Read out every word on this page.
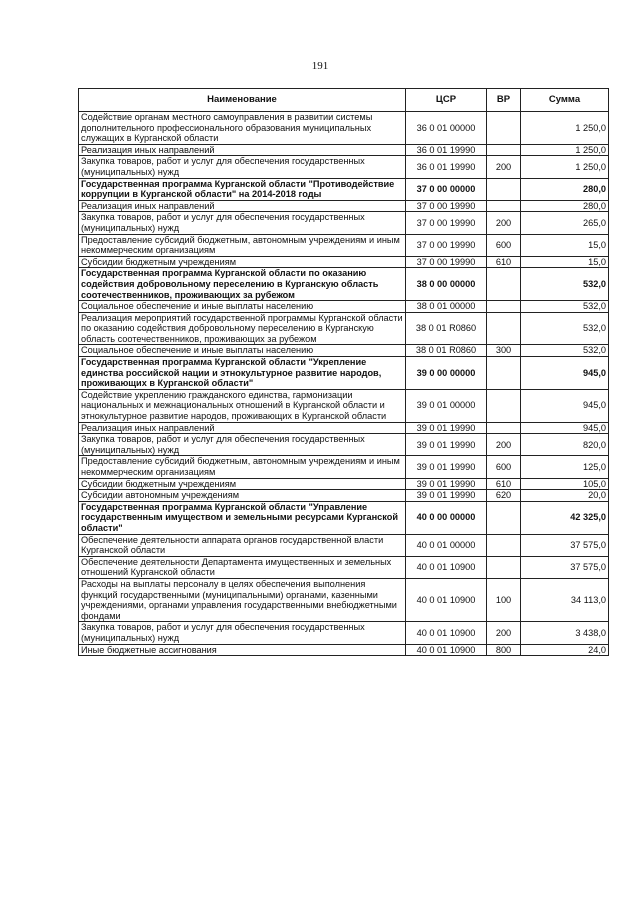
191
Наименование	ЦСР	ВР	Сумма
Содействие органам местного самоуправления в развитии системы дополнительного профессионального образования муниципальных служащих в Курганской области	36 0 01 00000		1 250,0
Реализация иных направлений	36 0 01 19990		1 250,0
Закупка товаров, работ и услуг для обеспечения государственных (муниципальных) нужд	36 0 01 19990	200	1 250,0
Государственная программа Курганской области "Противодействие коррупции в Курганской области" на 2014-2018 годы	37 0 00 00000		280,0
Реализация иных направлений	37 0 00 19990		280,0
Закупка товаров, работ и услуг для обеспечения государственных (муниципальных) нужд	37 0 00 19990	200	265,0
Предоставление субсидий бюджетным, автономным учреждениям и иным некоммерческим организациям	37 0 00 19990	600	15,0
Субсидии бюджетным учреждениям	37 0 00 19990	610	15,0
Государственная программа Курганской области по оказанию содействия добровольному переселению в Курганскую область соотечественников, проживающих за рубежом	38 0 00 00000		532,0
Социальное обеспечение и иные выплаты населению	38 0 01 00000		532,0
Реализация мероприятий государственной программы Курганской области по оказанию содействия добровольному переселению в Курганскую область соотечественников, проживающих за рубежом	38 0 01 R0860		532,0
Социальное обеспечение и иные выплаты населению	38 0 01 R0860	300	532,0
Государственная программа Курганской области "Укрепление единства российской нации и этнокультурное развитие народов, проживающих в Курганской области"	39 0 00 00000		945,0
Содействие укреплению гражданского единства, гармонизации национальных и межнациональных отношений в Курганской области и этнокультурное развитие народов, проживающих в Курганской области	39 0 01 00000		945,0
Реализация иных направлений	39 0 01 19990		945,0
Закупка товаров, работ и услуг для обеспечения государственных (муниципальных) нужд	39 0 01 19990	200	820,0
Предоставление субсидий бюджетным, автономным учреждениям и иным некоммерческим организациям	39 0 01 19990	600	125,0
Субсидии бюджетным учреждениям	39 0 01 19990	610	105,0
Субсидии автономным учреждениям	39 0 01 19990	620	20,0
Государственная программа Курганской области "Управление государственным имуществом и земельными ресурсами Курганской области"	40 0 00 00000		42 325,0
Обеспечение деятельности аппарата органов государственной власти Курганской области	40 0 01 00000		37 575,0
Обеспечение деятельности Департамента имущественных и земельных отношений Курганской области	40 0 01 10900		37 575,0
Расходы на выплаты персоналу в целях обеспечения выполнения функций государственными (муниципальными) органами, казенными учреждениями, органами управления государственными внебюджетными фондами	40 0 01 10900	100	34 113,0
Закупка товаров, работ и услуг для обеспечения государственных (муниципальных) нужд	40 0 01 10900	200	3 438,0
Иные бюджетные ассигнования	40 0 01 10900	800	24,0
